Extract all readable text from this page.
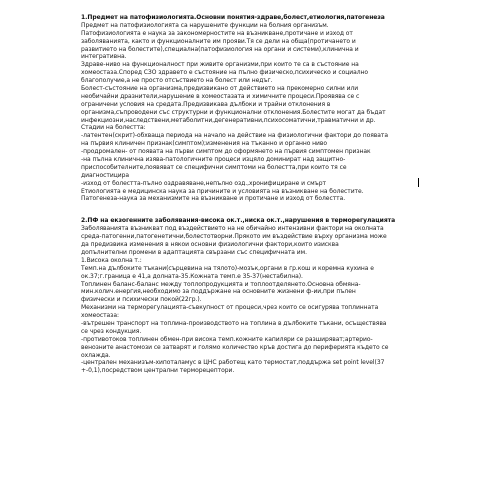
1.Предмет на патофизиологията.Основни понятия-здраве,болест,етиология,патогенеза
Предмет на патофизиологията са нарушените функции на болния организъм.
Патофизиологията е наука за закономерностите на възникване,протичане и изход от
заболяванията, както и функционалните им прояви.Тя се дели на обща(протичането и
развитието на болестите),специална(патофизиология на органи и системи),клинична и
интегративна.
Здраве-ниво на функционалност при живите организми,при които те са в състояние на
хомеостаза.Според СЗО здравето е състояние на пълно физическо,психическо и социално
благополучие,а не просто отсъствието на болест или недъг.
Болест-състояние на организма,предизвикано от действието на прекомерно силни или
необичайни дразнители,нарушение в хомеостазата и химичните процеси.Проявява се с
ограничени условия на средата.Предизвикава дълбоки и трайни отклонения в
организма,съпроводени със структурни и функционални отклонения.Болестите могат да бъдат
инфекциозни,наследствени,метаболитни,дегенеративни,психосоматични,травматични и др.
Стадии на болестта:
-латентен(скрит)-обхваща периода на начало на действие на физиологични фактори до появата
на първия клиничен признак(симптом);изменения на тъканно и органно ниво
-продромален- от появата на първи симптом до оформянето на първия симптомен признак
-на пълна клинична изява-патологичните процеси изцяло доминират над защитно-
приспособителните,появяват се специфични симптоми на болестта,при които тя се
диагностицира
-изход от болестта-пълно оздравяване,непълно озд.,хронифициране и смърт
Етиологията е медицинска наука за причините и условията на възникване на болестите.
Патогенеза-наука за механизмите на възникване и протичане и изход от болестта.
2.ПФ на екзогенните заболявания-висока ок.т.,ниска ок.т.,нарушения в терморегулацията
Заболяванията възникват под въздействието на не обичайно интензивни фактори на околната
среда-патогенни,патогенетични,болестотворни.Прякото им въздействие върху организма може
да предизвика изменения в някои основни физиологични фактори,които изисква
допълнителни промени в адаптацията свързани със специфичната им.
1.Висока околна т.:
Темп.на дълбоките тъкани(сърцевина на тялото)-мозък,органи в гр.кош и коремна кухина е
ок.37;г.граница е 41,а долната-35.Кожната темп.е 35-37(нестабилна).
Топлинен баланс-баланс между топлопродукцията и топлоотделянето.Основна обмяна-
мин.колич.енергия,необходимо за поддържане на основните жизнени ф-ии,при пълен
физически и психически покой(22гр.).
Механизми на терморегулацията-съвкупност от процеси,чрез които се осигурява топлинната
хомеостаза:
-вътрешен транспорт на топлина-производството на топлина в дълбоките тъкани, осъществява
се чрез кондукция.
-противотоков топлинен обмен-при висока темп.кожните капиляри се разширяват;артерио-
венозните анастомози се затварят и голямо количество кръв достига до периферията където се
охлажда.
-централен механизъм-хипоталамус в ЦНС работещ като термостат,поддържа set point level(37
+-0,1),посредством централни терморецептори.
